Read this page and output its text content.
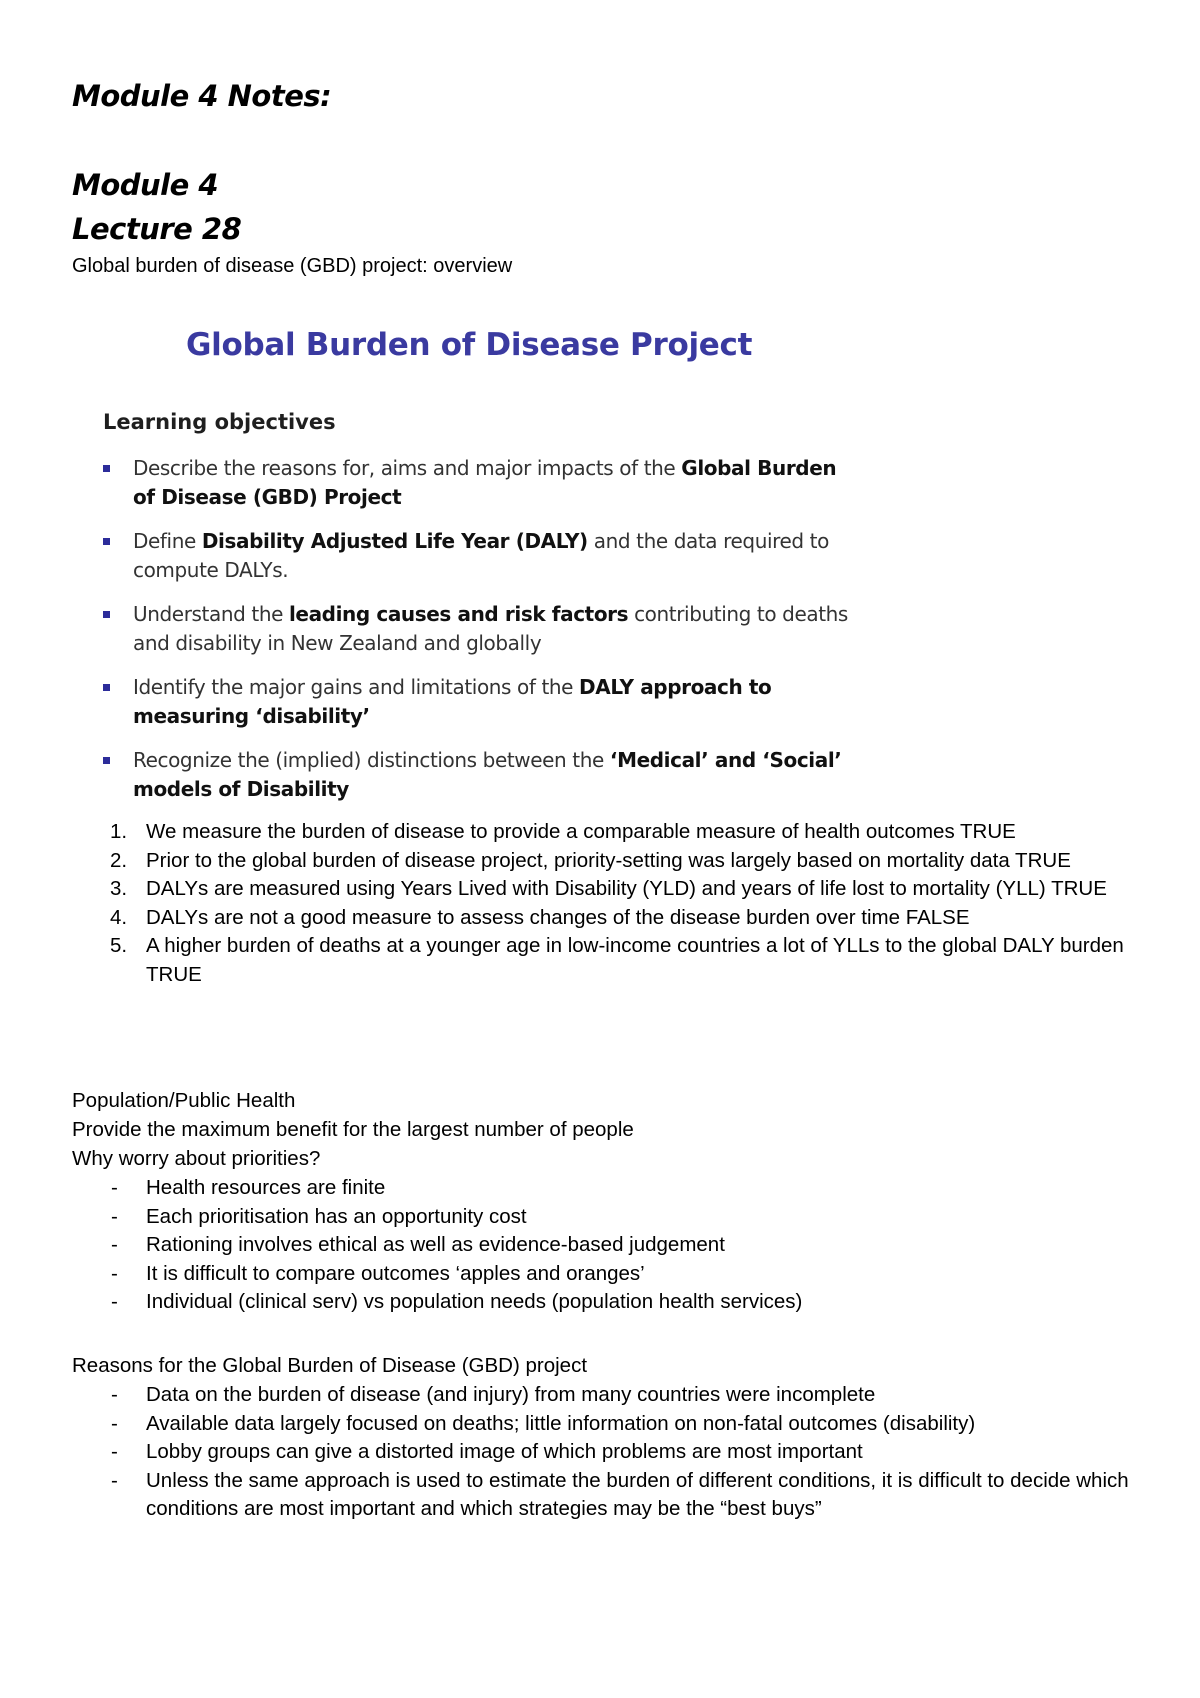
Module 4 Notes:
Module 4
Lecture 28
Global burden of disease (GBD) project: overview
Global Burden of Disease Project
Learning objectives
Describe the reasons for, aims and major impacts of the Global Burden of Disease (GBD) Project
Define Disability Adjusted Life Year (DALY) and the data required to compute DALYs.
Understand the leading causes and risk factors contributing to deaths and disability in New Zealand and globally
Identify the major gains and limitations of the DALY approach to measuring ‘disability’
Recognize the (implied) distinctions between the ‘Medical’ and ‘Social’ models of Disability
1. We measure the burden of disease to provide a comparable measure of health outcomes TRUE
2. Prior to the global burden of disease project, priority-setting was largely based on mortality data TRUE
3. DALYs are measured using Years Lived with Disability (YLD) and years of life lost to mortality (YLL) TRUE
4. DALYs are not a good measure to assess changes of the disease burden over time FALSE
5. A higher burden of deaths at a younger age in low-income countries a lot of YLLs to the global DALY burden TRUE
Population/Public Health
Provide the maximum benefit for the largest number of people
Why worry about priorities?
- Health resources are finite
- Each prioritisation has an opportunity cost
- Rationing involves ethical as well as evidence-based judgement
- It is difficult to compare outcomes ‘apples and oranges’
- Individual (clinical serv) vs population needs (population health services)
Reasons for the Global Burden of Disease (GBD) project
- Data on the burden of disease (and injury) from many countries were incomplete
- Available data largely focused on deaths; little information on non-fatal outcomes (disability)
- Lobby groups can give a distorted image of which problems are most important
- Unless the same approach is used to estimate the burden of different conditions, it is difficult to decide which conditions are most important and which strategies may be the “best buys”
